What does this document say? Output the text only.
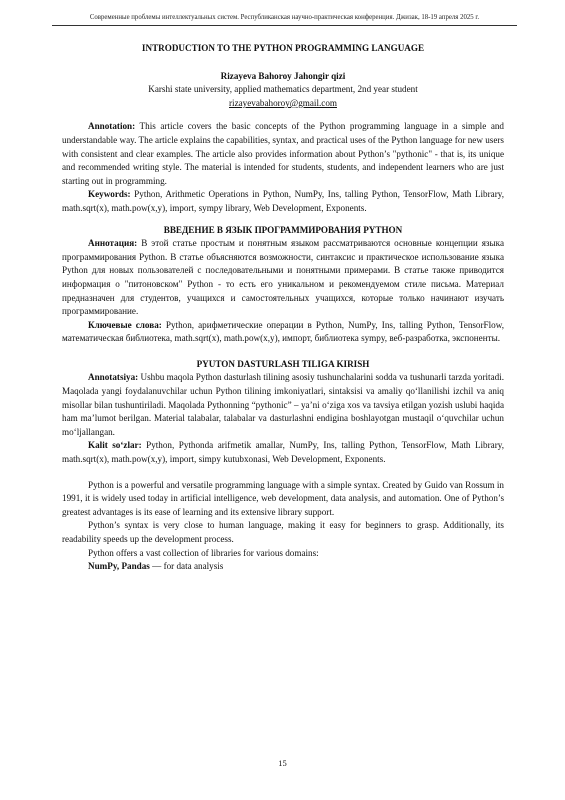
Современные проблемы интеллектуальных систем. Республиканская научно-практическая конференция. Джизак, 18-19 апреля 2025 г.

INTRODUCTION TO THE PYTHON PROGRAMMING LANGUAGE

Rizayeva Bahoroy Jahongir qizi

Karshi state university, applied mathematics department, 2nd year student

rizayevabahoroy@gmail.com

Annotation: This article covers the basic concepts of the Python programming language in a simple and understandable way. The article explains the capabilities, syntax, and practical uses of the Python language for new users with consistent and clear examples. The article also provides information about Python’s "pythonic" - that is, its unique and recommended writing style. The material is intended for students, students, and independent learners who are just starting out in programming.

Keywords: Python, Arithmetic Operations in Python, NumPy, Ins, talling Python, TensorFlow, Math Library, math.sqrt(x), math.pow(x,y), import, sympy library, Web Development, Exponents.

ВВЕДЕНИЕ В ЯЗЫК ПРОГРАММИРОВАНИЯ PYTHON

Аннотация: В этой статье простым и понятным языком рассматриваются основные концепции языка программирования Python. В статье объясняются возможности, синтаксис и практическое использование языка Python для новых пользователей с последовательными и понятными примерами. В статье также приводится информация о "питоновском" Python - то есть его уникальном и рекомендуемом стиле письма. Материал предназначен для студентов, учащихся и самостоятельных учащихся, которые только начинают изучать программирование.

Ключевые слова: Python, арифметические операции в Python, NumPy, Ins, talling Python, TensorFlow, математическая библиотека, math.sqrt(x), math.pow(x,y), импорт, библиотека sympy, веб-разработка, экспоненты.

PYUTON DASTURLASH TILIGA KIRISH

Annotatsiya: Ushbu maqola Python dasturlash tilining asosiy tushunchalarini sodda va tushunarli tarzda yoritadi. Maqolada yangi foydalanuvchilar uchun Python tilining imkoniyatlari, sintaksisi va amaliy qo‘llanilishi izchil va aniq misollar bilan tushuntiriladi. Maqolada Pythonning “pythonic” – ya’ni o‘ziga xos va tavsiya etilgan yozish uslubi haqida ham ma’lumot berilgan. Material talabalar, talabalar va dasturlashni endigina boshlayotgan mustaqil o‘quvchilar uchun mo‘ljallangan.

Kalit so‘zlar: Python, Pythonda arifmetik amallar, NumPy, Ins, talling Python, TensorFlow, Math Library, math.sqrt(x), math.pow(x,y), import, simpy kutubxonasi, Web Development, Exponents.

Python is a powerful and versatile programming language with a simple syntax. Created by Guido van Rossum in 1991, it is widely used today in artificial intelligence, web development, data analysis, and automation. One of Python’s greatest advantages is its ease of learning and its extensive library support.

Python’s syntax is very close to human language, making it easy for beginners to grasp. Additionally, its readability speeds up the development process.

Python offers a vast collection of libraries for various domains:

NumPy, Pandas — for data analysis

15
